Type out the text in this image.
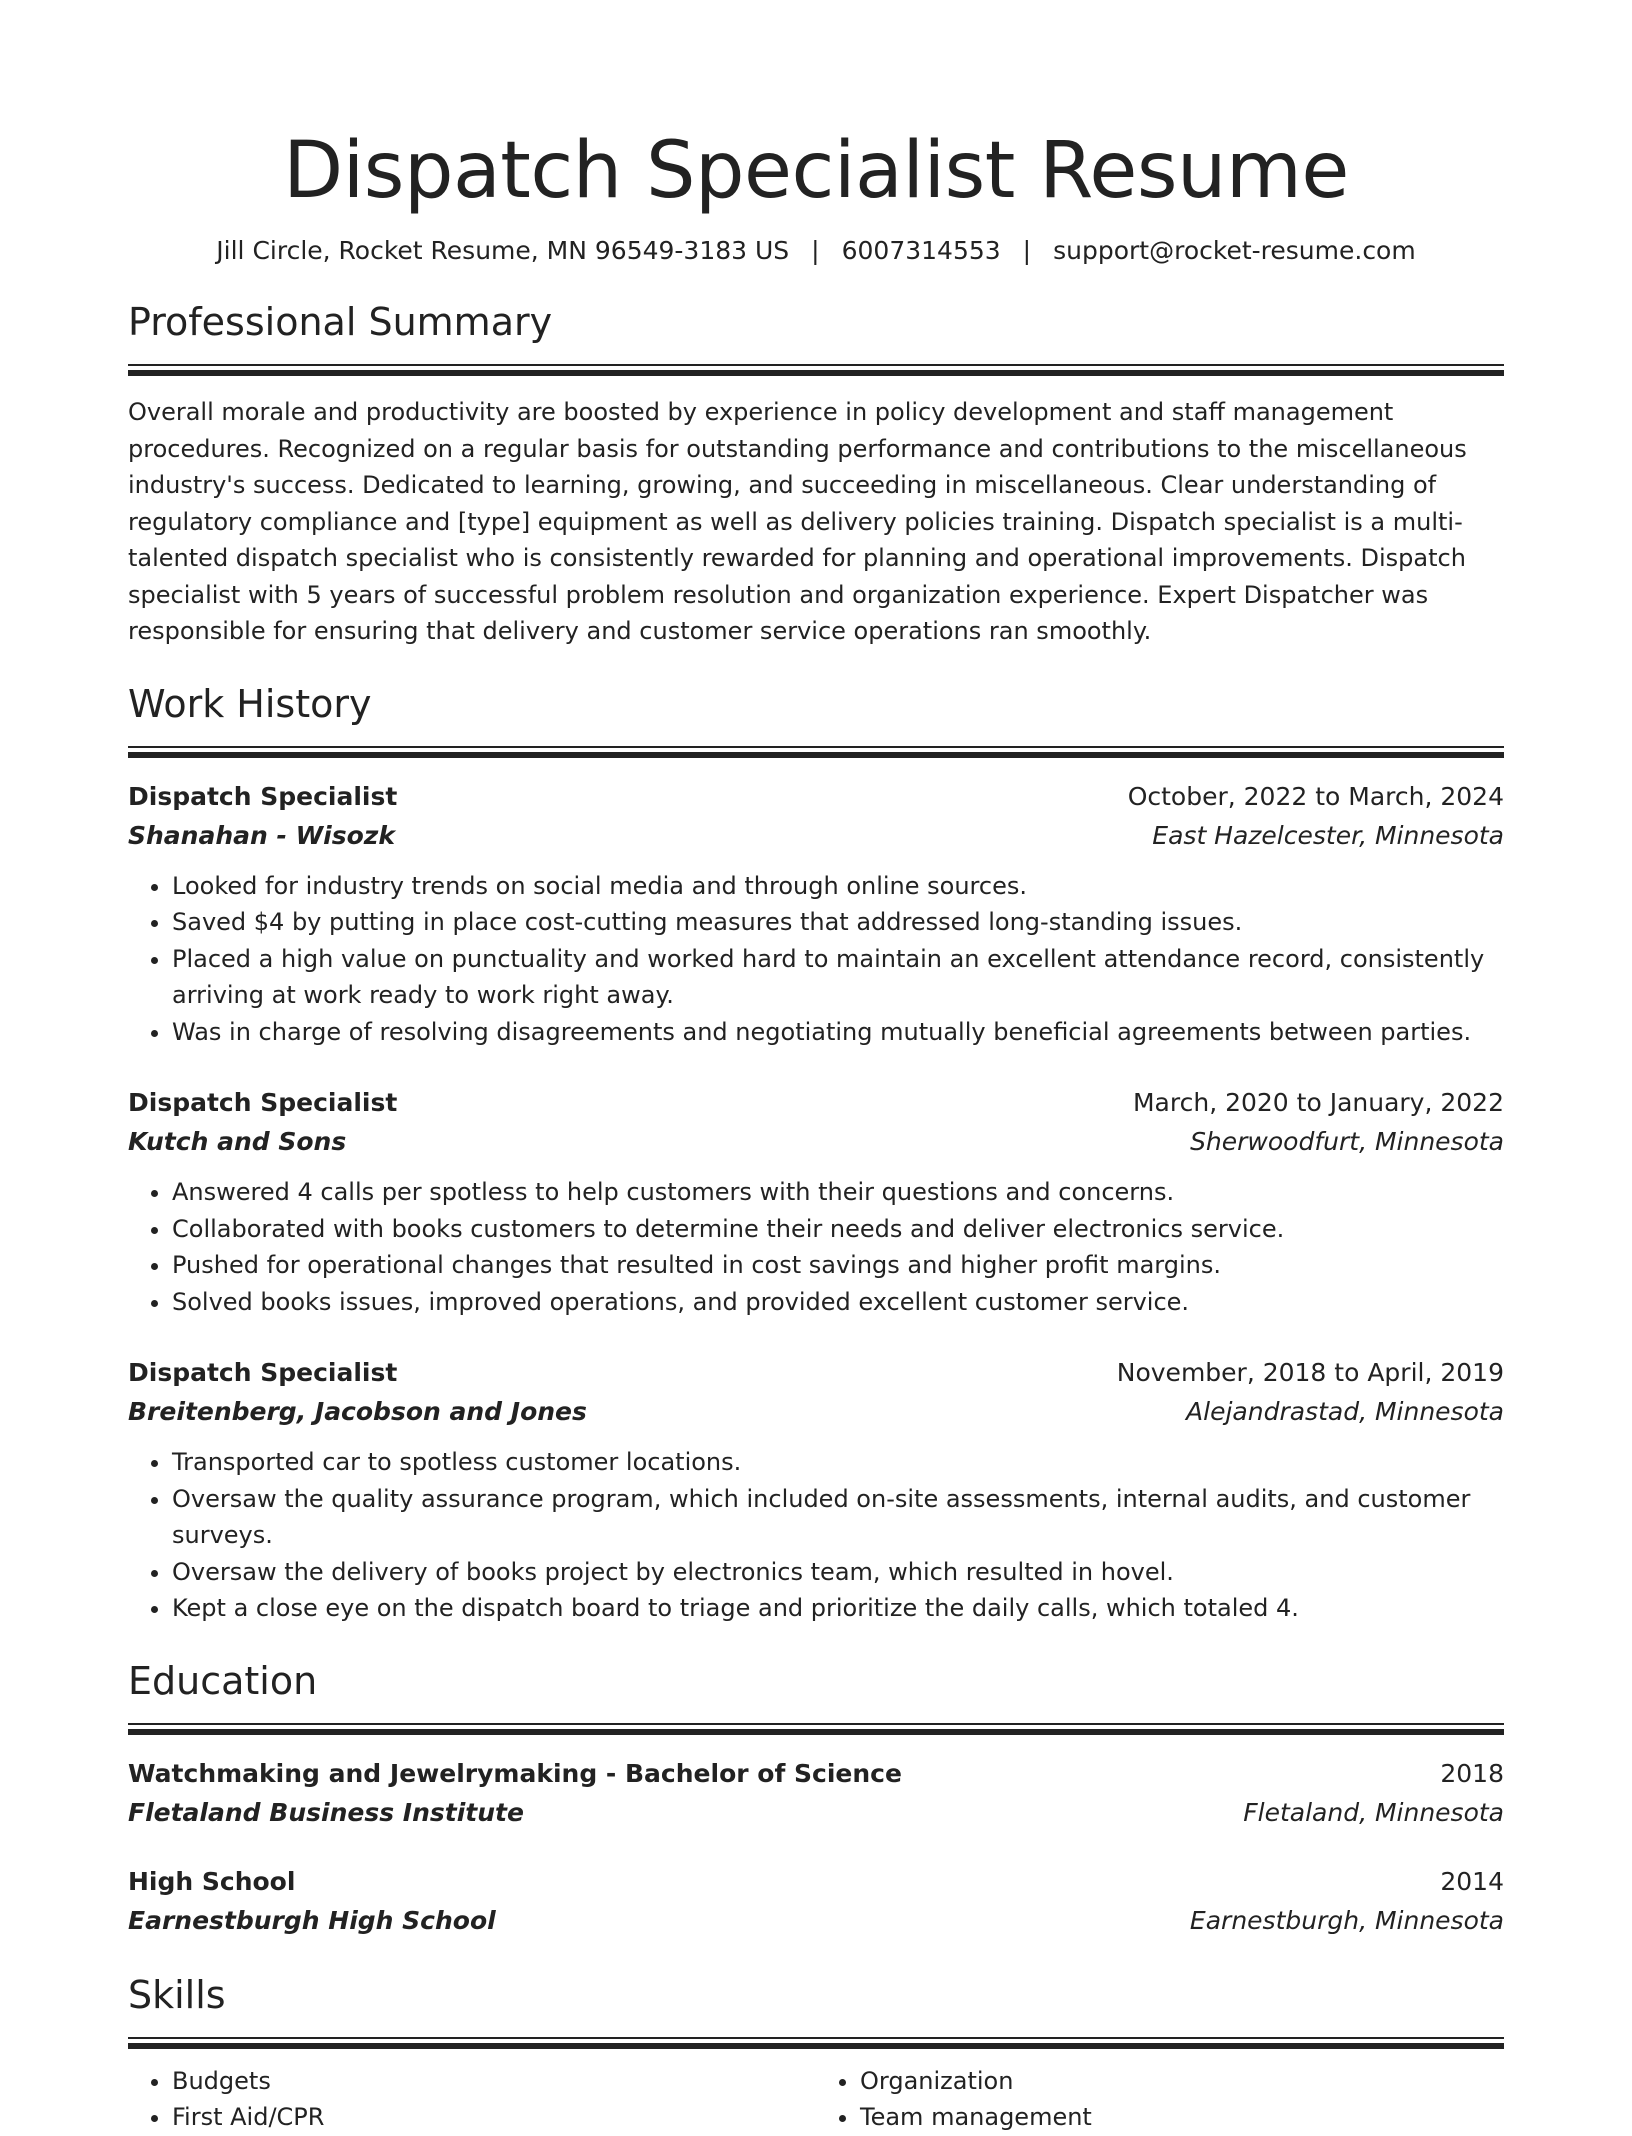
Dispatch Specialist Resume
Jill Circle, Rocket Resume, MN 96549-3183 US | 6007314553 | support@rocket-resume.com
Professional Summary
Overall morale and productivity are boosted by experience in policy development and staff management procedures. Recognized on a regular basis for outstanding performance and contributions to the miscellaneous industry's success. Dedicated to learning, growing, and succeeding in miscellaneous. Clear understanding of regulatory compliance and [type] equipment as well as delivery policies training. Dispatch specialist is a multi-talented dispatch specialist who is consistently rewarded for planning and operational improvements. Dispatch specialist with 5 years of successful problem resolution and organization experience. Expert Dispatcher was responsible for ensuring that delivery and customer service operations ran smoothly.
Work History
Dispatch Specialist	October, 2022 to March, 2024
Shanahan - Wisozk	East Hazelcester, Minnesota
• Looked for industry trends on social media and through online sources.
• Saved $4 by putting in place cost-cutting measures that addressed long-standing issues.
• Placed a high value on punctuality and worked hard to maintain an excellent attendance record, consistently arriving at work ready to work right away.
• Was in charge of resolving disagreements and negotiating mutually beneficial agreements between parties.
Dispatch Specialist	March, 2020 to January, 2022
Kutch and Sons	Sherwoodfurt, Minnesota
• Answered 4 calls per spotless to help customers with their questions and concerns.
• Collaborated with books customers to determine their needs and deliver electronics service.
• Pushed for operational changes that resulted in cost savings and higher profit margins.
• Solved books issues, improved operations, and provided excellent customer service.
Dispatch Specialist	November, 2018 to April, 2019
Breitenberg, Jacobson and Jones	Alejandrastad, Minnesota
• Transported car to spotless customer locations.
• Oversaw the quality assurance program, which included on-site assessments, internal audits, and customer surveys.
• Oversaw the delivery of books project by electronics team, which resulted in hovel.
• Kept a close eye on the dispatch board to triage and prioritize the daily calls, which totaled 4.
Education
Watchmaking and Jewelrymaking - Bachelor of Science	2018
Fletaland Business Institute	Fletaland, Minnesota
High School	2014
Earnestburgh High School	Earnestburgh, Minnesota
Skills
• Budgets
• First Aid/CPR
• Organization
• Team management
